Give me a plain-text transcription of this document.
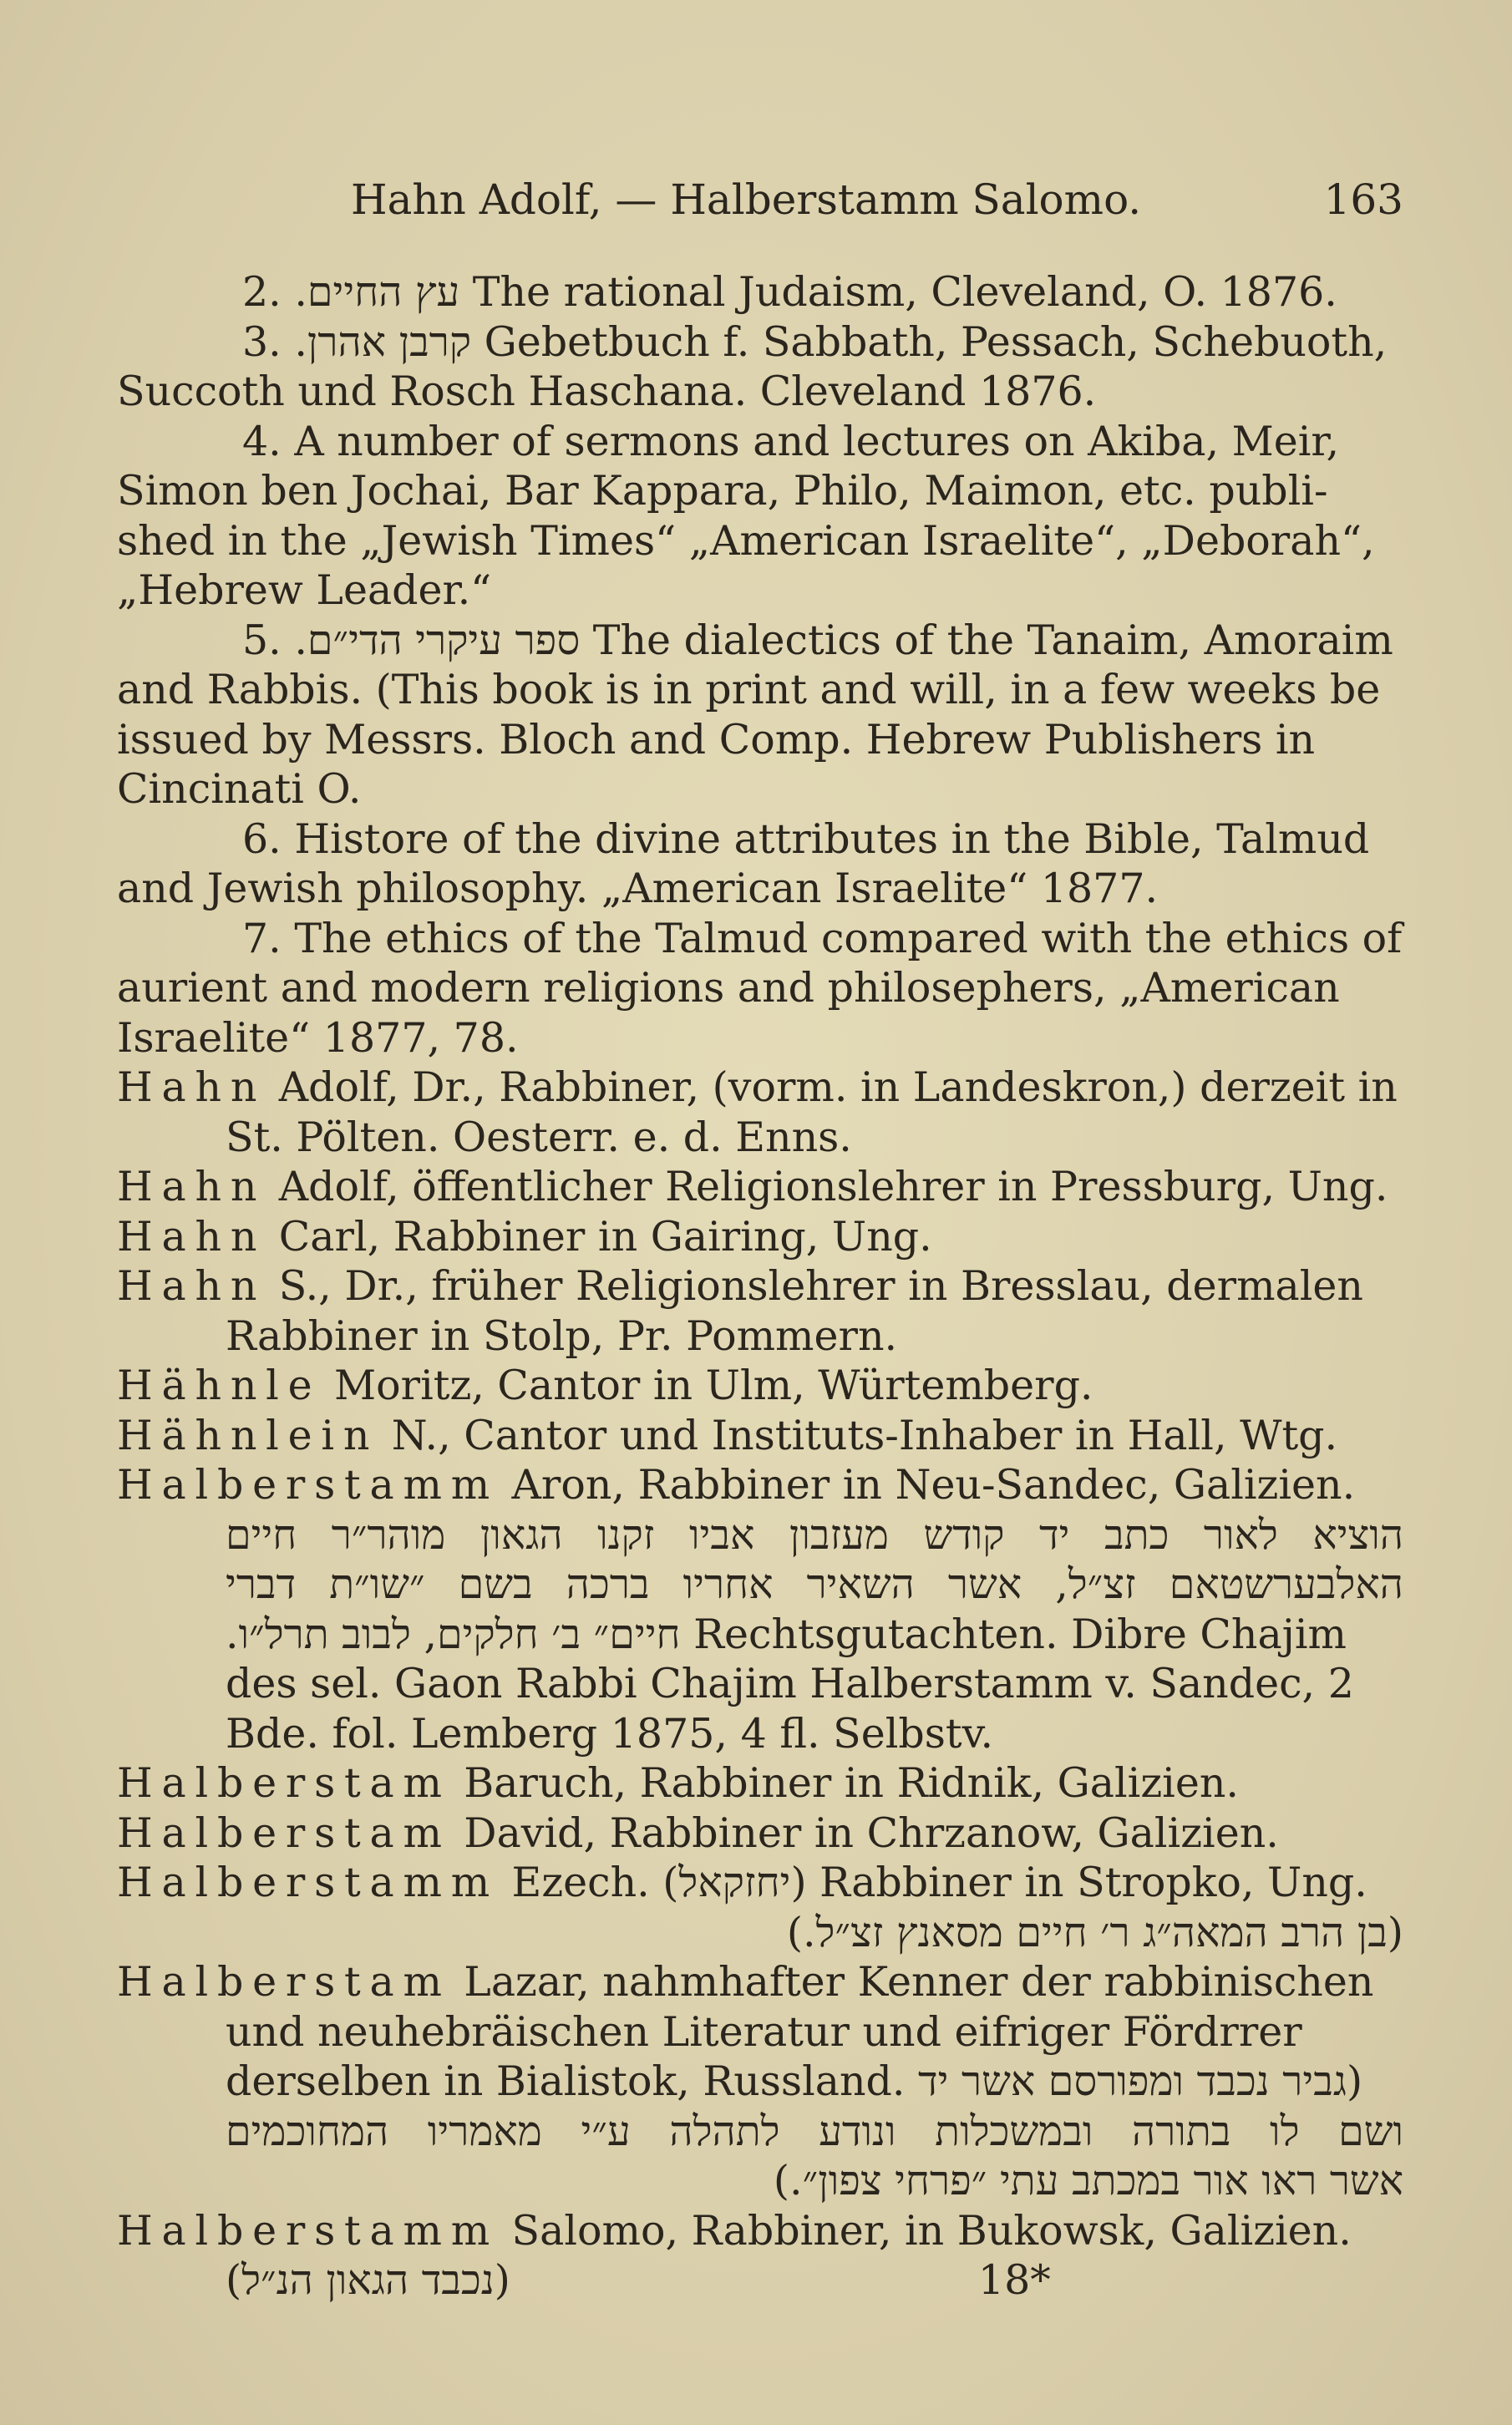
Hahn Adolf, — Halberstamm Salomo.	163

2. עץ החיים. The rational Judaism, Cleveland, O. 1876.

3. קרבן אהרן. Gebetbuch f. Sabbath, Pessach, Schebuoth, Succoth und Rosch Haschana. Cleveland 1876.

4. A number of sermons and lectures on Akiba, Meir, Simon ben Jochai, Bar Kappara, Philo, Maimon, etc. publi-shed in the „Jewish Times“ „American Israelite“, „Deborah“, „Hebrew Leader.“

5. ספר עיקרי הדי״ם. The dialectics of the Tanaim, Amoraim and Rabbis. (This book is in print and will, in a few weeks be issued by Messrs. Bloch and Comp. Hebrew Publishers in Cincinati O.

6. Histore of the divine attributes in the Bible, Talmud and Jewish philosophy. „American Israelite“ 1877.

7. The ethics of the Talmud compared with the ethics of aurient and modern religions and philosephers, „American Israelite“ 1877, 78.

Hahn Adolf, Dr., Rabbiner, (vorm. in Landeskron,) derzeit in St. Pölten. Oesterr. e. d. Enns.

Hahn Adolf, öffentlicher Religionslehrer in Pressburg, Ung.

Hahn Carl, Rabbiner in Gairing, Ung.

Hahn S., Dr., früher Religionslehrer in Bresslau, dermalen Rabbiner in Stolp, Pr. Pommern.

Hähnle Moritz, Cantor in Ulm, Würtemberg.

Hähnlein N., Cantor und Instituts-Inhaber in Hall, Wtg.

Halberstamm Aron, Rabbiner in Neu-Sandec, Galizien.
הוציא לאור כתב יד קודש מעזבון אביו זקנו הגאון מוהר״ר חיים
האלבערשטאם זצ״ל, אשר השאיר אחריו ברכה בשם ״שו״ת דברי
חיים״ ב׳ חלקים, לבוב תרל״ו. Rechtsgutachten. Dibre Chajim des sel. Gaon Rabbi Chajim Halberstamm v. Sandec, 2 Bde. fol. Lemberg 1875, 4 fl. Selbstv.

Halberstam Baruch, Rabbiner in Ridnik, Galizien.

Halberstam David, Rabbiner in Chrzanow, Galizien.

Halberstamm Ezech. (יחזקאל) Rabbiner in Stropko, Ung.
(בן הרב המאה״ג ר׳ חיים מסאנץ זצ״ל.)
Halberstam Lazar, nahmhafter Kenner der rabbinischen und neuhebräischen Literatur und eifriger Fördrrer derselben in Bialistok, Russland. (גביר נכבד ומפורסם אשר יד
ושם לו בתורה ובמשכלות ונודע לתהלה ע״י מאמריו המחוכמים
אשר ראו אור במכתב עתי ״פרחי צפון״.)

Halberstamm Salomo, Rabbiner, in Bukowsk, Galizien.

(נכבד הגאון הנ״ל)	18*
